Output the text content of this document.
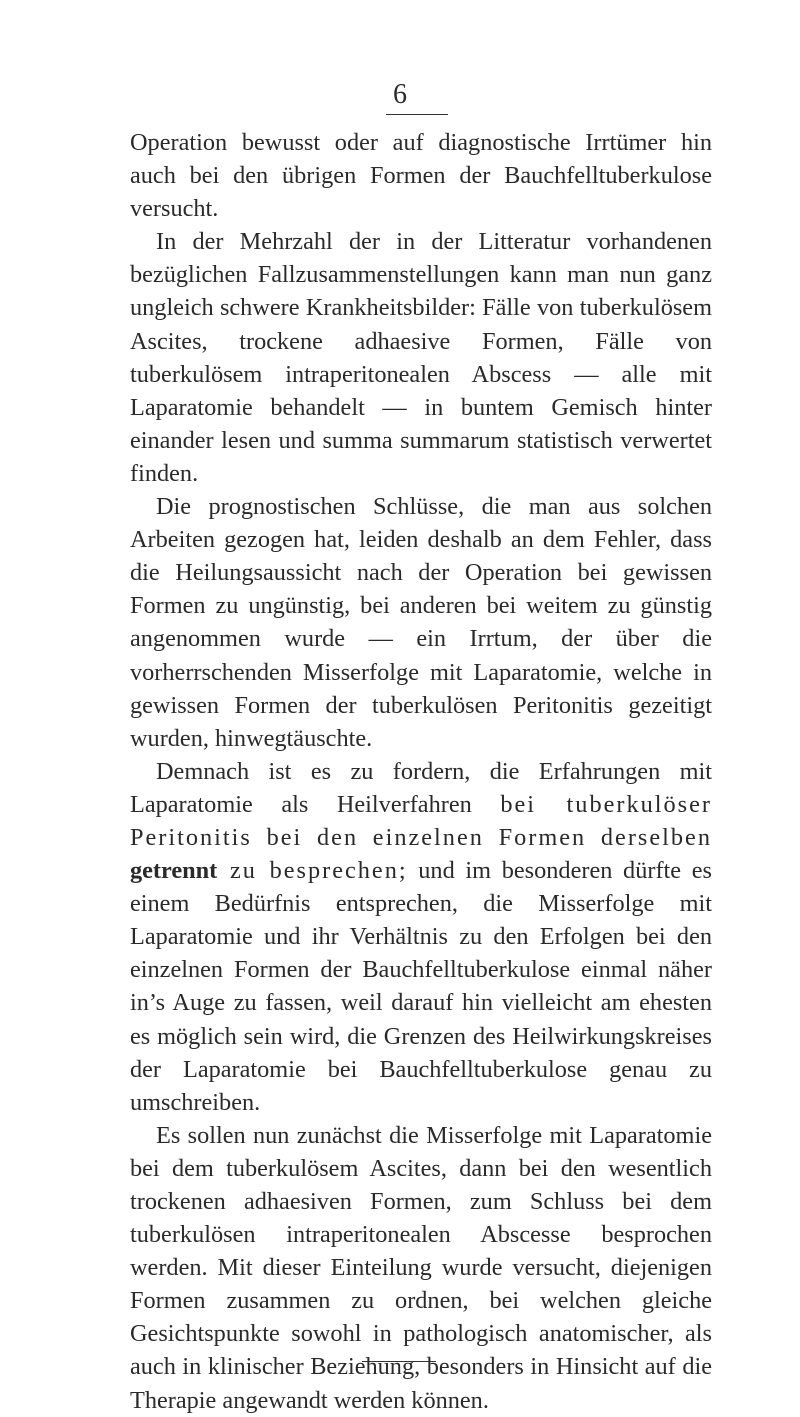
6

Operation bewusst oder auf diagnostische Irrtümer hin auch bei den übrigen Formen der Bauchfelltuberkulose versucht.

In der Mehrzahl der in der Litteratur vorhandenen bezüglichen Fallzusammenstellungen kann man nun ganz ungleich schwere Krankheitsbilder: Fälle von tuberkulösem Ascites, trockene adhaesive Formen, Fälle von tuberkulösem intraperitonealen Abscess — alle mit Laparatomie behandelt — in buntem Gemisch hinter einander lesen und summa summarum statistisch verwertet finden.

Die prognostischen Schlüsse, die man aus solchen Arbeiten gezogen hat, leiden deshalb an dem Fehler, dass die Heilungsaussicht nach der Operation bei gewissen Formen zu ungünstig, bei anderen bei weitem zu günstig angenommen wurde — ein Irrtum, der über die vorherrschenden Misserfolge mit Laparatomie, welche in gewissen Formen der tuberkulösen Peritonitis gezeitigt wurden, hinwegtäuschte.

Demnach ist es zu fordern, die Erfahrungen mit Laparatomie als Heilverfahren bei tuberkulöser Peritonitis bei den einzelnen Formen derselben getrennt zu besprechen; und im besonderen dürfte es einem Bedürfnis entsprechen, die Misserfolge mit Laparatomie und ihr Verhältnis zu den Erfolgen bei den einzelnen Formen der Bauchfelltuberkulose einmal näher in’s Auge zu fassen, weil darauf hin vielleicht am ehesten es möglich sein wird, die Grenzen des Heilwirkungskreises der Laparatomie bei Bauchfelltuberkulose genau zu umschreiben.

Es sollen nun zunächst die Misserfolge mit Laparatomie bei dem tuberkulösem Ascites, dann bei den wesentlich trockenen adhaesiven Formen, zum Schluss bei dem tuberkulösen intraperitonealen Abscesse besprochen werden. Mit dieser Einteilung wurde versucht, diejenigen Formen zusammen zu ordnen, bei welchen gleiche Gesichtspunkte sowohl in pathologisch anatomischer, als auch in klinischer Beziehung, besonders in Hinsicht auf die Therapie angewandt werden können.
